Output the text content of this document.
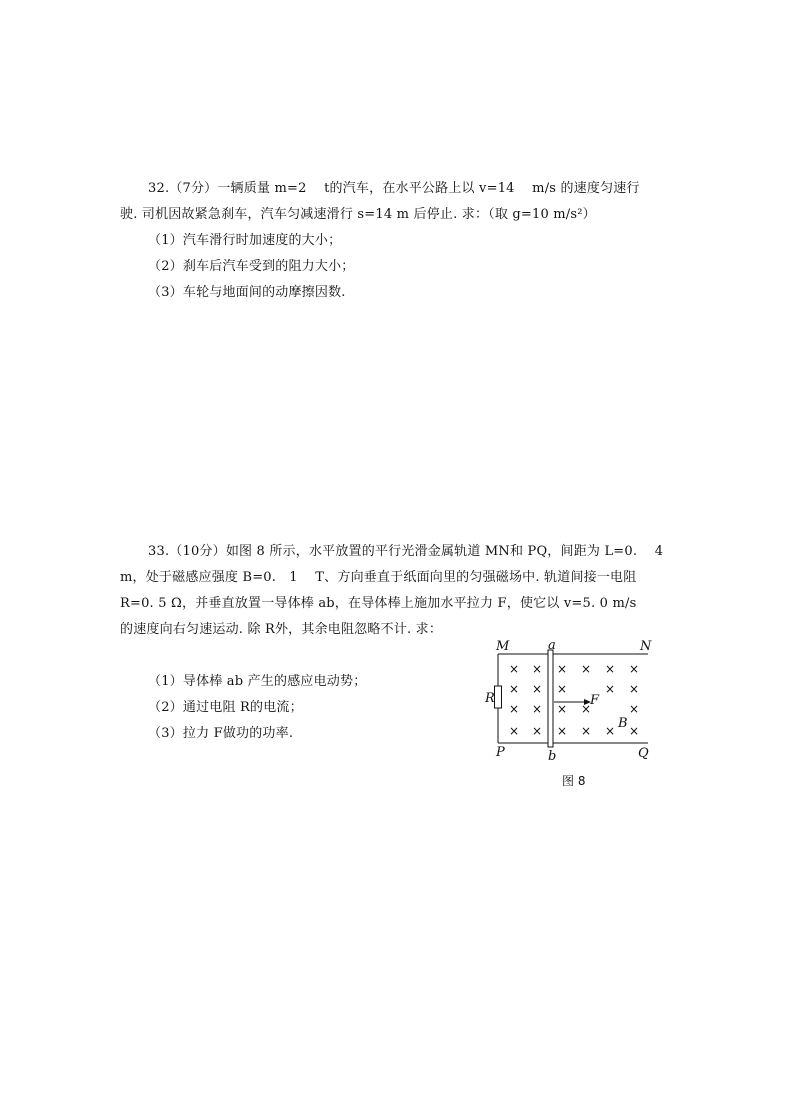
32.（7分）一辆质量 m=2　 t的汽车，在水平公路上以 v=14　 m/s 的速度匀速行
驶. 司机因故紧急刹车，汽车匀减速滑行 s=14 m 后停止. 求：（取 g=10 m/s²）
（1）汽车滑行时加速度的大小；
（2）刹车后汽车受到的阻力大小；
（3）车轮与地面间的动摩擦因数.
33.（10分）如图 8 所示，水平放置的平行光滑金属轨道 MN和 PQ，间距为 L=0.　 4
m，处于磁感应强度 B=0.　1　 T、方向垂直于纸面向里的匀强磁场中. 轨道间接一电阻
R=0. 5 Ω，并垂直放置一导体棒 ab，在导体棒上施加水平拉力 F，使它以 v=5. 0 m/s
的速度向右匀速运动. 除 R外，其余电阻忽略不计. 求：
（1）导体棒 ab 产生的感应电动势；
（2）通过电阻 R的电流；
（3）拉力 F做功的功率.
× × × × × ×
× × ×	× ×
× × × ×	×
× × × × × ×
M	N
P	Q
a
b
R	F
B
图 8
